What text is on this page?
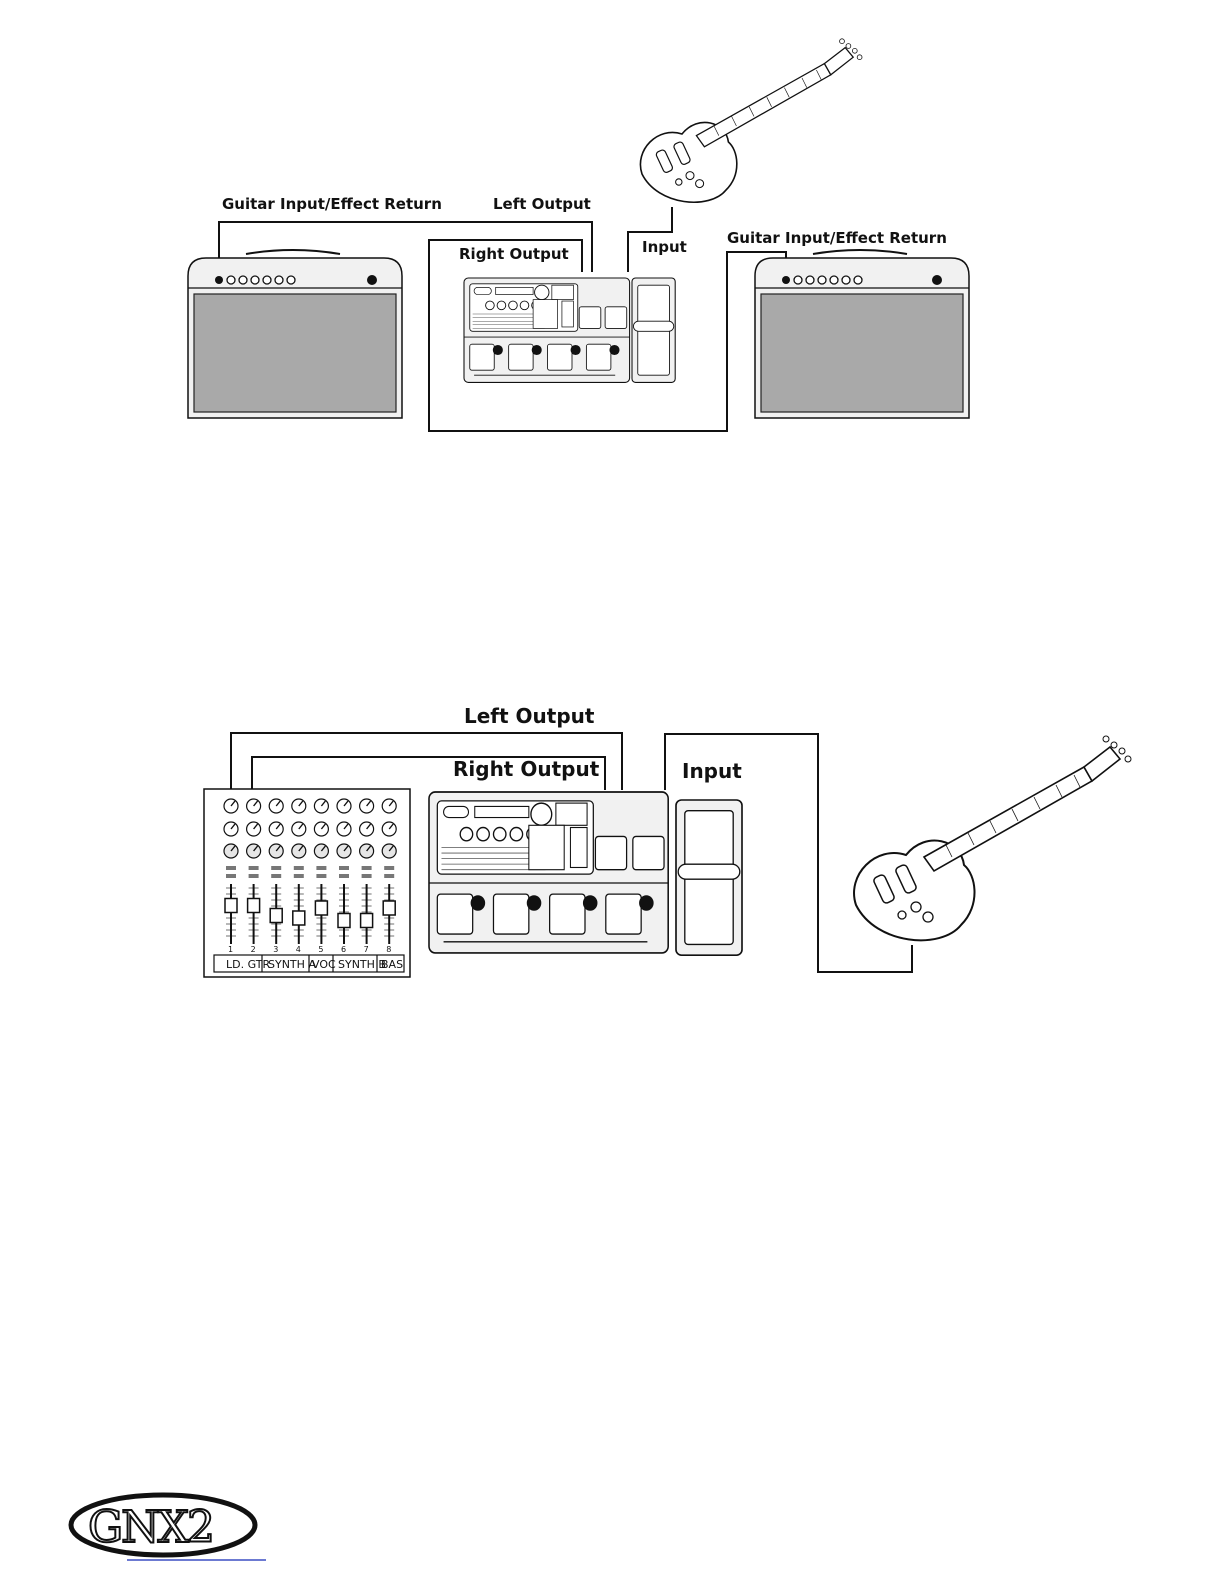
Guitar Input/Effect Return	Left Output
Right Output	Input	Guitar Input/Effect Return
1 2 3 4 5 6 7 8
LD. GTR
SYNTH A
VOC SYNTH B
BAS
Left Output
Right Output	Input
GNX2
